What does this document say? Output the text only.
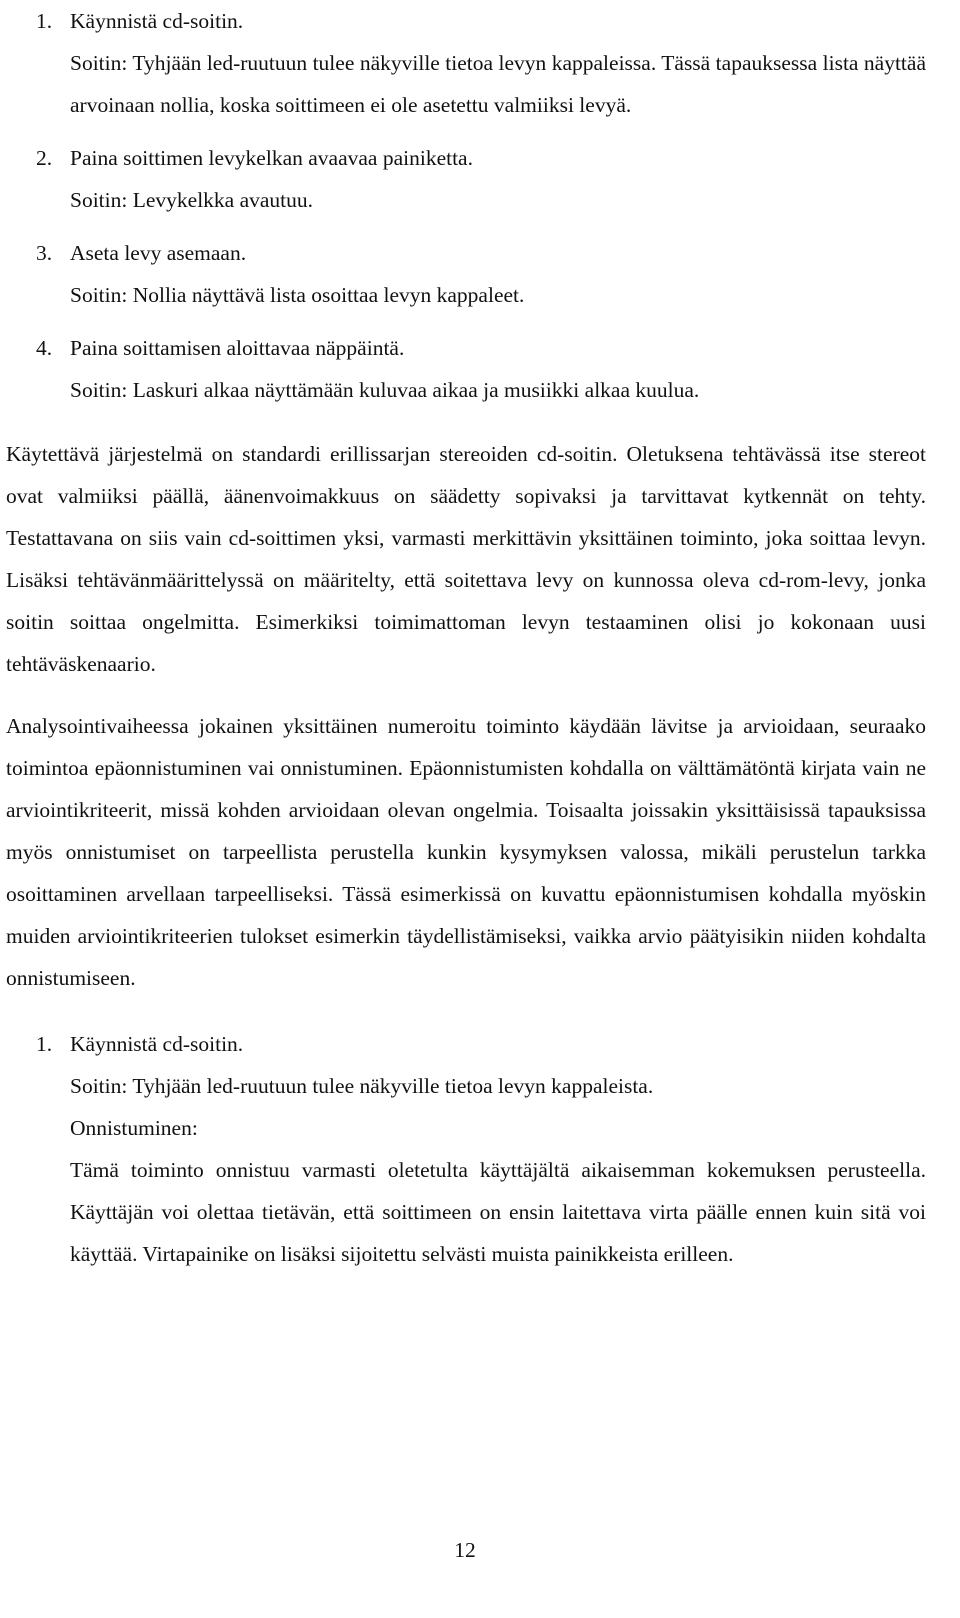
1. Käynnistä cd-soitin.
Soitin: Tyhjään led-ruutuun tulee näkyville tietoa levyn kappaleissa. Tässä tapauksessa lista näyttää arvoinaan nollia, koska soittimeen ei ole asetettu valmiiksi levyä.
2. Paina soittimen levykelkan avaavaa painiketta.
Soitin: Levykelkka avautuu.
3. Aseta levy asemaan.
Soitin: Nollia näyttävä lista osoittaa levyn kappaleet.
4. Paina soittamisen aloittavaa näppäintä.
Soitin: Laskuri alkaa näyttämään kuluvaa aikaa ja musiikki alkaa kuulua.

Käytettävä järjestelmä on standardi erillissarjan stereoiden cd-soitin. Oletuksena tehtävässä itse stereot ovat valmiiksi päällä, äänenvoimakkuus on säädetty sopivaksi ja tarvittavat kytkennät on tehty. Testattavana on siis vain cd-soittimen yksi, varmasti merkittävin yksittäinen toiminto, joka soittaa levyn. Lisäksi tehtävänmäärittelyssä on määritelty, että soitettava levy on kunnossa oleva cd-rom-levy, jonka soitin soittaa ongelmitta. Esimerkiksi toimimattoman levyn testaaminen olisi jo kokonaan uusi tehtäväskenaario.

Analysointivaiheessa jokainen yksittäinen numeroitu toiminto käydään lävitse ja arvioidaan, seuraako toimintoa epäonnistuminen vai onnistuminen. Epäonnistumisten kohdalla on välttämätöntä kirjata vain ne arviointikriteerit, missä kohden arvioidaan olevan ongelmia. Toisaalta joissakin yksittäisissä tapauksissa myös onnistumiset on tarpeellista perustella kunkin kysymyksen valossa, mikäli perustelun tarkka osoittaminen arvellaan tarpeelliseksi. Tässä esimerkissä on kuvattu epäonnistumisen kohdalla myöskin muiden arviointikriteerien tulokset esimerkin täydellistämiseksi, vaikka arvio päätyisikin niiden kohdalta onnistumiseen.

1. Käynnistä cd-soitin.
Soitin: Tyhjään led-ruutuun tulee näkyville tietoa levyn kappaleista.
Onnistuminen:
Tämä toiminto onnistuu varmasti oletetulta käyttäjältä aikaisemman kokemuksen perusteella. Käyttäjän voi olettaa tietävän, että soittimeen on ensin laitettava virta päälle ennen kuin sitä voi käyttää. Virtapainike on lisäksi sijoitettu selvästi muista painikkeista erilleen.
12
